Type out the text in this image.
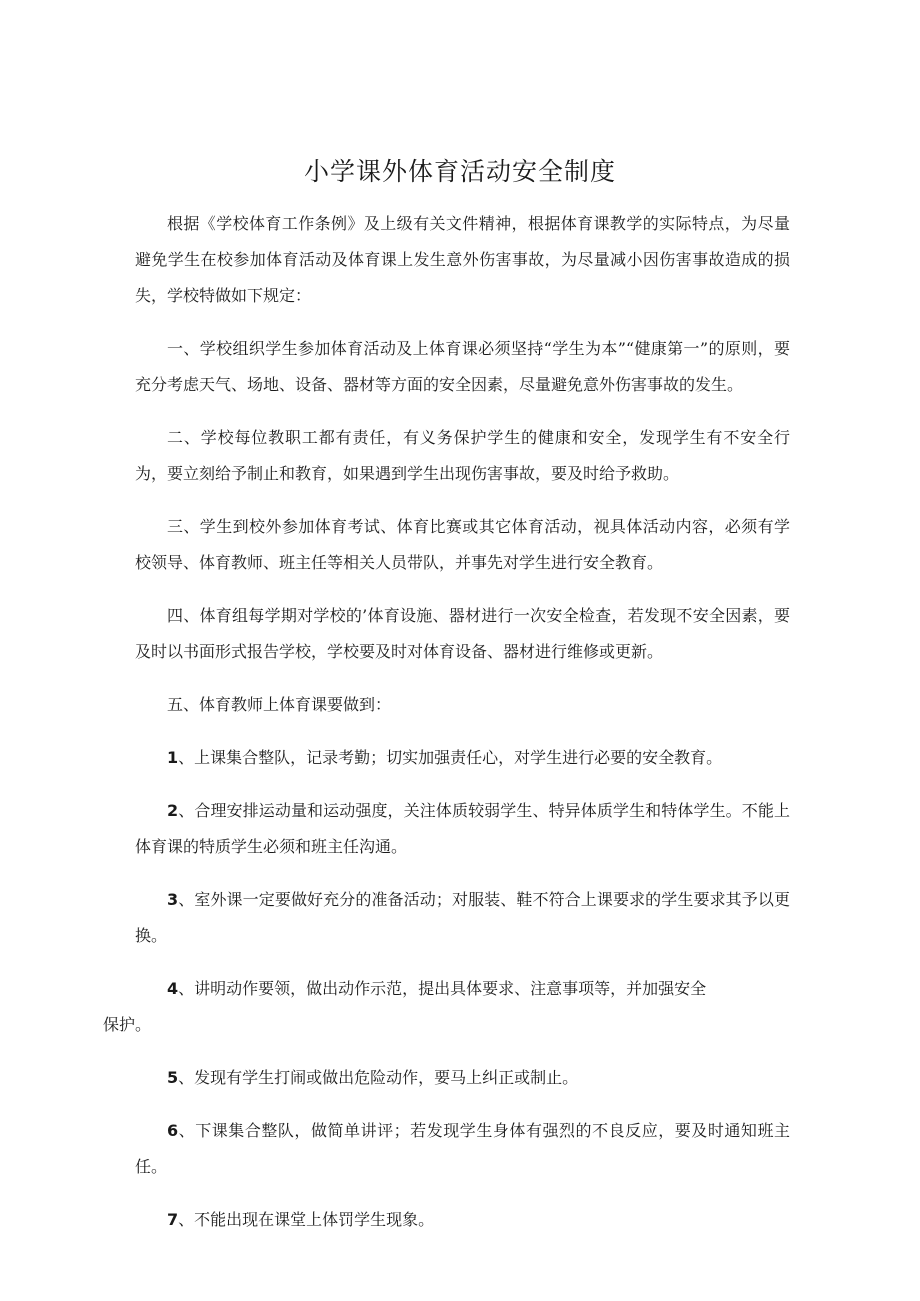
小学课外体育活动安全制度

根据《学校体育工作条例》及上级有关文件精神，根据体育课教学的实际特点，为尽量避免学生在校参加体育活动及体育课上发生意外伤害事故，为尽量减小因伤害事故造成的损失，学校特做如下规定：

一、学校组织学生参加体育活动及上体育课必须坚持“学生为本”“健康第一”的原则，要充分考虑天气、场地、设备、器材等方面的安全因素，尽量避免意外伤害事故的发生。

二、学校每位教职工都有责任，有义务保护学生的健康和安全，发现学生有不安全行为，要立刻给予制止和教育，如果遇到学生出现伤害事故，要及时给予救助。

三、学生到校外参加体育考试、体育比赛或其它体育活动，视具体活动内容，必须有学校领导、体育教师、班主任等相关人员带队，并事先对学生进行安全教育。

四、体育组每学期对学校的’体育设施、器材进行一次安全检查，若发现不安全因素，要及时以书面形式报告学校，学校要及时对体育设备、器材进行维修或更新。

五、体育教师上体育课要做到：

1、上课集合整队，记录考勤；切实加强责任心，对学生进行必要的安全教育。

2、合理安排运动量和运动强度，关注体质较弱学生、特异体质学生和特体学生。不能上体育课的特质学生必须和班主任沟通。

3、室外课一定要做好充分的准备活动；对服装、鞋不符合上课要求的学生要求其予以更换。

4、讲明动作要领，做出动作示范，提出具体要求、注意事项等，并加强安全
保护。

5、发现有学生打闹或做出危险动作，要马上纠正或制止。

6、下课集合整队，做简单讲评；若发现学生身体有强烈的不良反应，要及时通知班主任。

7、不能出现在课堂上体罚学生现象。
